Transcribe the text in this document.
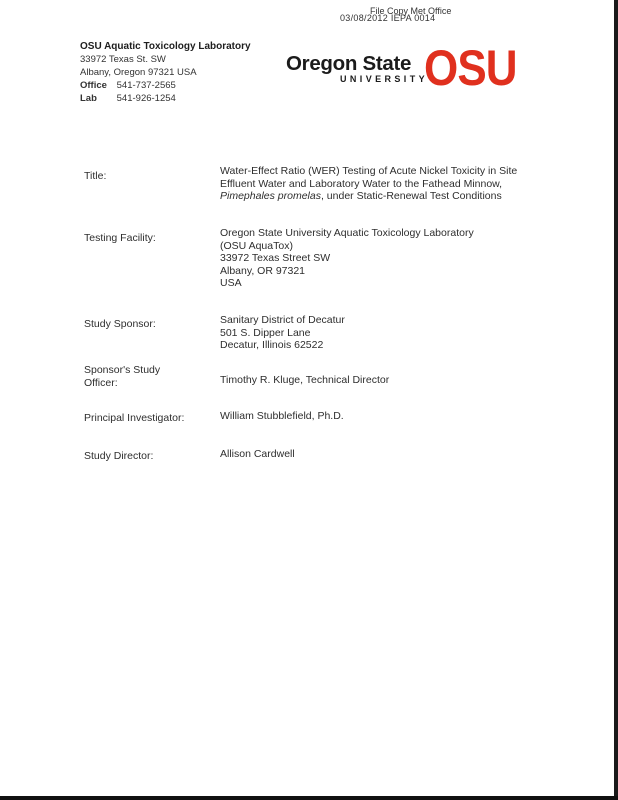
File Copy Met Office
03/08/2012 IEPA 0014
OSU Aquatic Toxicology Laboratory
33972 Texas St. SW
Albany, Oregon 97321 USA
Office 541-737-2565
Lab 541-926-1254
Oregon State
UNIVERSITY
OSU
Title:	Water-Effect Ratio (WER) Testing of Acute Nickel Toxicity in Site
Effluent Water and Laboratory Water to the Fathead Minnow,
Pimephales promelas, under Static-Renewal Test Conditions
Testing Facility:	Oregon State University Aquatic Toxicology Laboratory
(OSU AquaTox)
33972 Texas Street SW
Albany, OR 97321
USA
Study Sponsor:	Sanitary District of Decatur
501 S. Dipper Lane
Decatur, Illinois 62522
Sponsor's Study
Officer:	Timothy R. Kluge, Technical Director
Principal Investigator:	William Stubblefield, Ph.D.
Study Director:	Allison Cardwell
